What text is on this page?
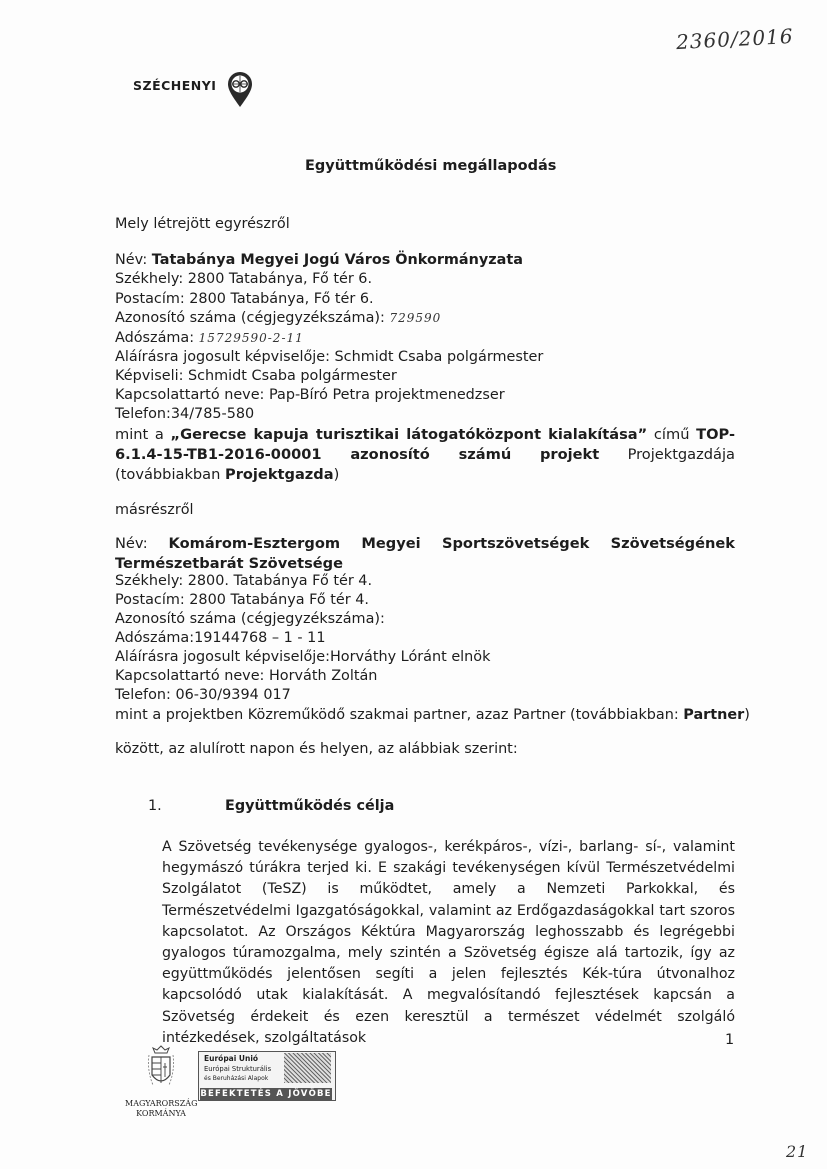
2360/2016
SZÉCHENYI
Együttműködési megállapodás
Mely létrejött egyrészről
Név: Tatabánya Megyei Jogú Város Önkormányzata
Székhely: 2800 Tatabánya, Fő tér 6.
Postacím: 2800 Tatabánya, Fő tér 6.
Azonosító száma (cégjegyzékszáma): 729590
Adószáma: 15729590-2-11
Aláírásra jogosult képviselője: Schmidt Csaba polgármester
Képviseli: Schmidt Csaba polgármester
Kapcsolattartó neve: Pap-Bíró Petra projektmenedzser
Telefon:34/785-580
mint a „Gerecse kapuja turisztikai látogatóközpont kialakítása” című TOP-6.1.4-15-TB1-2016-00001 azonosító számú projekt Projektgazdája (továbbiakban Projektgazda)
másrészről
Név: Komárom-Esztergom Megyei Sportszövetségek Szövetségének Természetbarát Szövetsége
Székhely: 2800. Tatabánya Fő tér 4.
Postacím: 2800 Tatabánya Fő tér 4.
Azonosító száma (cégjegyzékszáma):
Adószáma:19144768 – 1 - 11
Aláírásra jogosult képviselője:Horváthy Lóránt elnök
Kapcsolattartó neve: Horváth Zoltán
Telefon: 06-30/9394 017
mint a projektben Közreműködő szakmai partner, azaz Partner (továbbiakban: Partner)
között, az alulírott napon és helyen, az alábbiak szerint:
1.	Együttműködés célja
A Szövetség tevékenysége gyalogos-, kerékpáros-, vízi-, barlang- sí-, valamint hegymászó túrákra terjed ki. E szakági tevékenységen kívül Természetvédelmi Szolgálatot (TeSZ) is működtet, amely a Nemzeti Parkokkal, és Természetvédelmi Igazgatóságokkal, valamint az Erdőgazdaságokkal tart szoros kapcsolatot. Az Országos Kéktúra Magyarország leghosszabb és legrégebbi gyalogos túramozgalma, mely szintén a Szövetség égisze alá tartozik, így az együttműködés jelentősen segíti a jelen fejlesztés Kék-túra útvonalhoz kapcsolódó utak kialakítását. A megvalósítandó fejlesztések kapcsán a Szövetség érdekeit és ezen keresztül a természet védelmét szolgáló intézkedések, szolgáltatások	1
MAGYARORSZÁG
KORMÁNYA
Európai Unió
Európai Strukturális
és Beruházási Alapok
BEFEKTETÉS A JÖVŐBE
21
